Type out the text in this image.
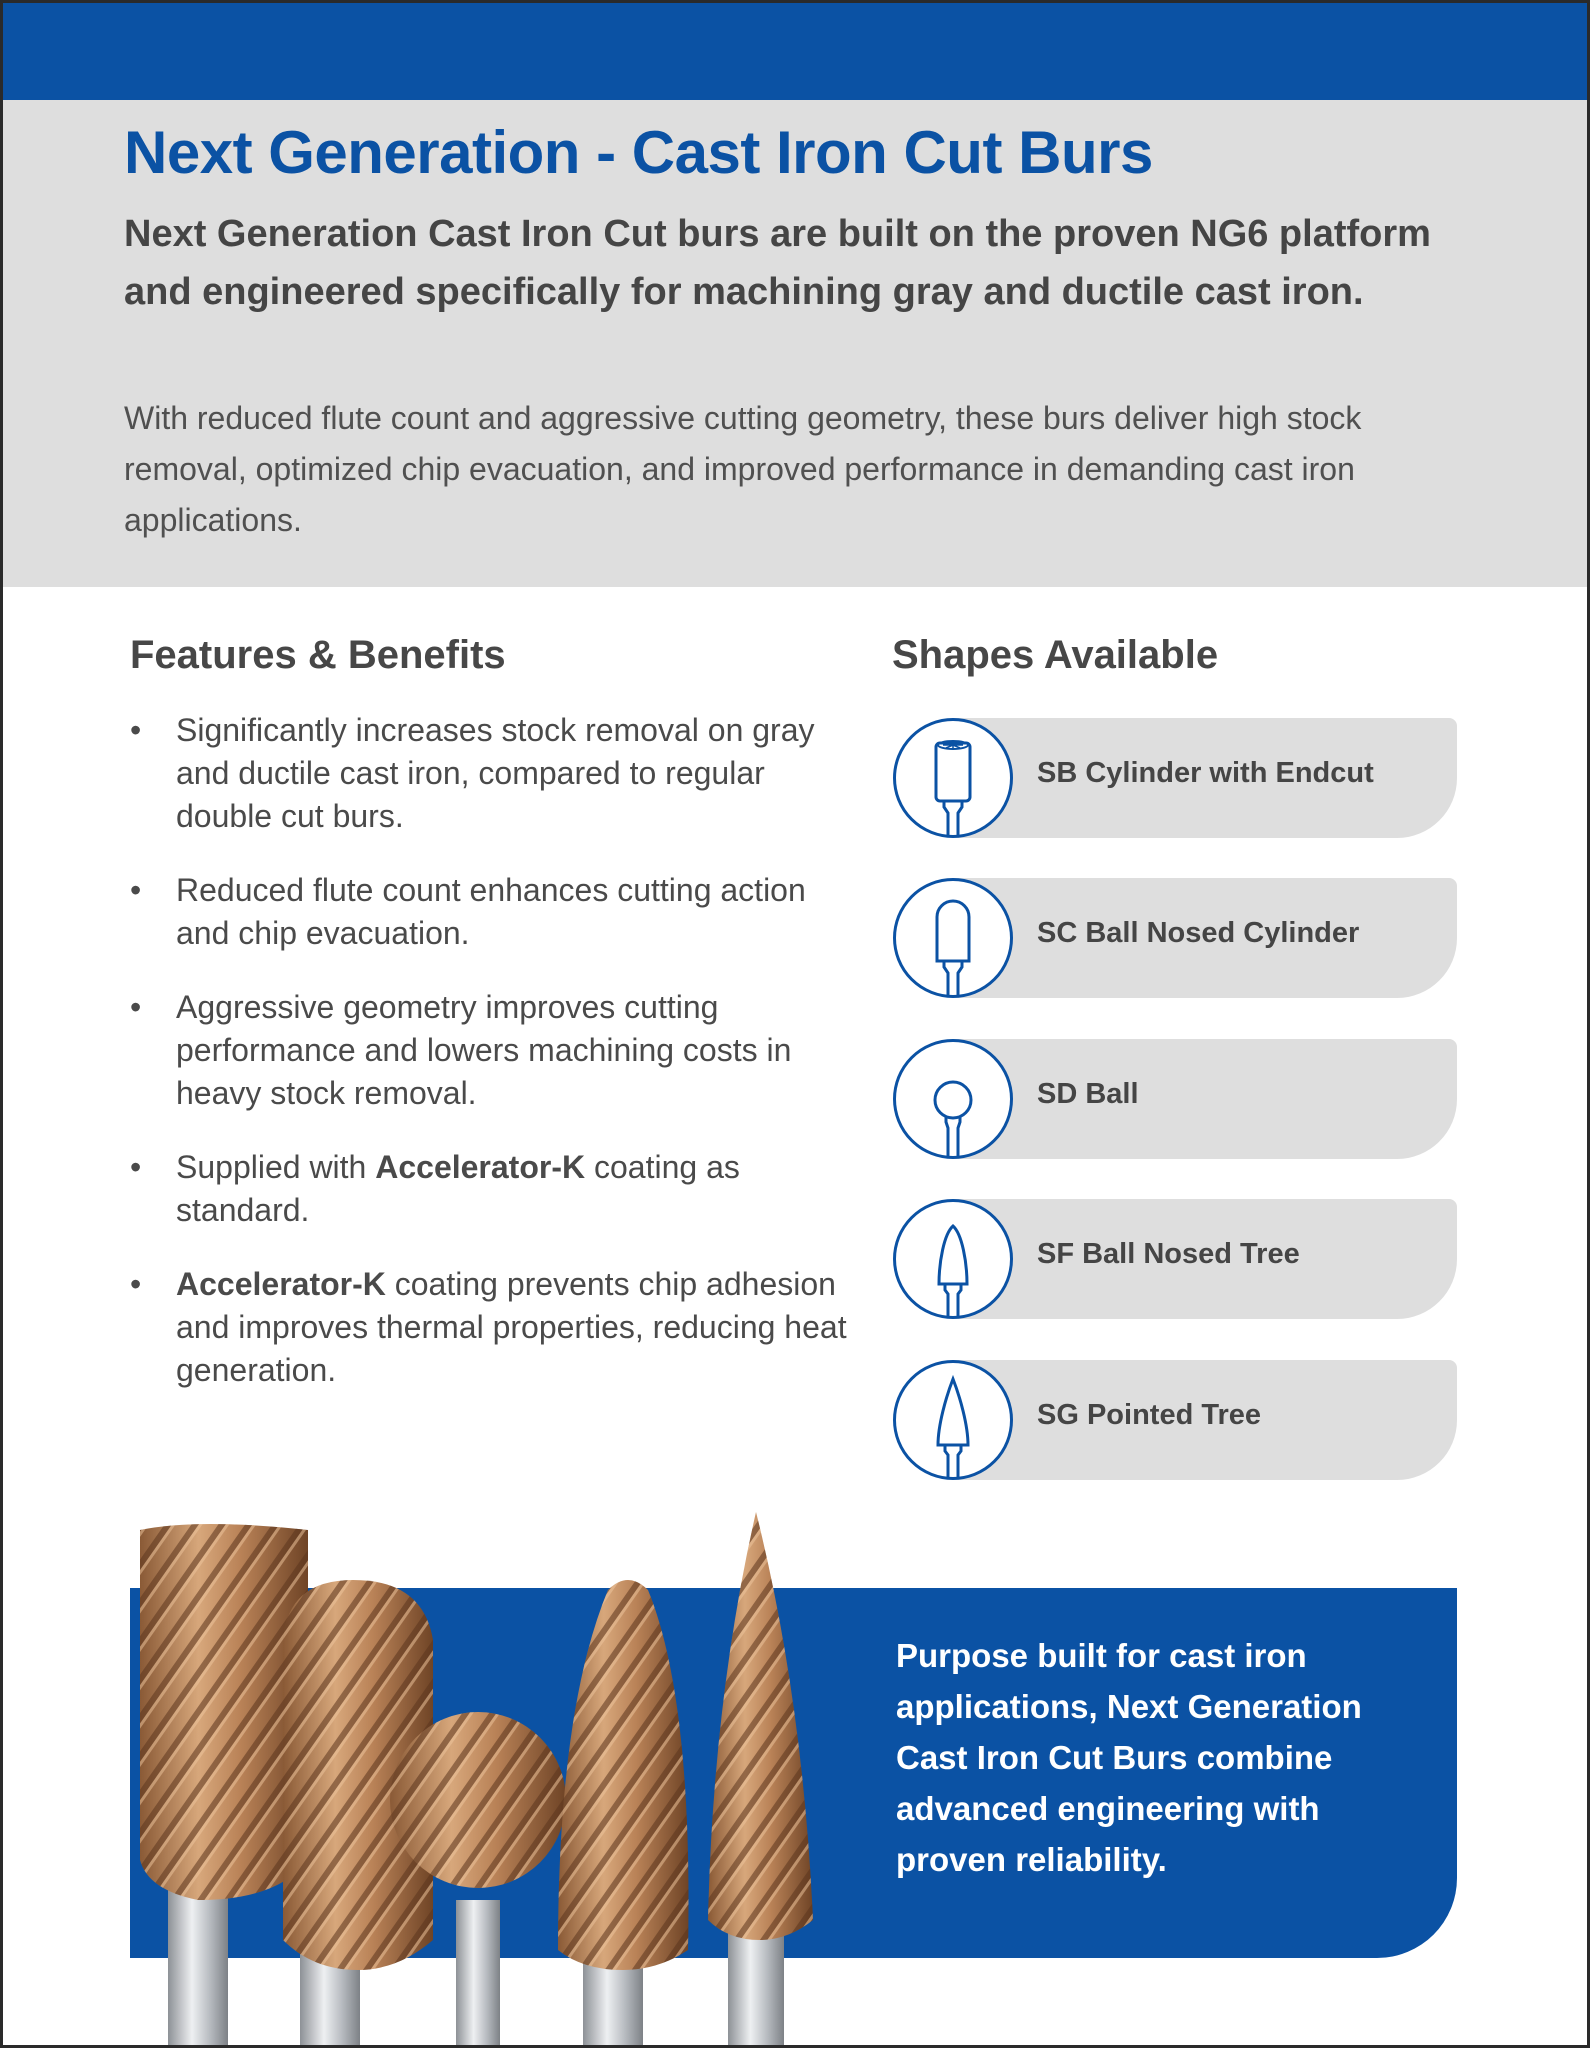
Next Generation - Cast Iron Cut Burs

Next Generation Cast Iron Cut burs are built on the proven NG6 platform and engineered specifically for machining gray and ductile cast iron.

With reduced flute count and aggressive cutting geometry, these burs deliver high stock removal, optimized chip evacuation, and improved performance in demanding cast iron applications.

Features & Benefits	Shapes Available
• Significantly increases stock removal on gray and ductile cast iron, compared to regular double cut burs.
• Reduced flute count enhances cutting action and chip evacuation.
• Aggressive geometry improves cutting performance and lowers machining costs in heavy stock removal.
• Supplied with Accelerator-K coating as standard.
• Accelerator-K coating prevents chip adhesion and improves thermal properties, reducing heat generation.
SB Cylinder with Endcut
SC Ball Nosed Cylinder
SD Ball
SF Ball Nosed Tree
SG Pointed Tree

Purpose built for cast iron applications, Next Generation Cast Iron Cut Burs combine advanced engineering with proven reliability.
